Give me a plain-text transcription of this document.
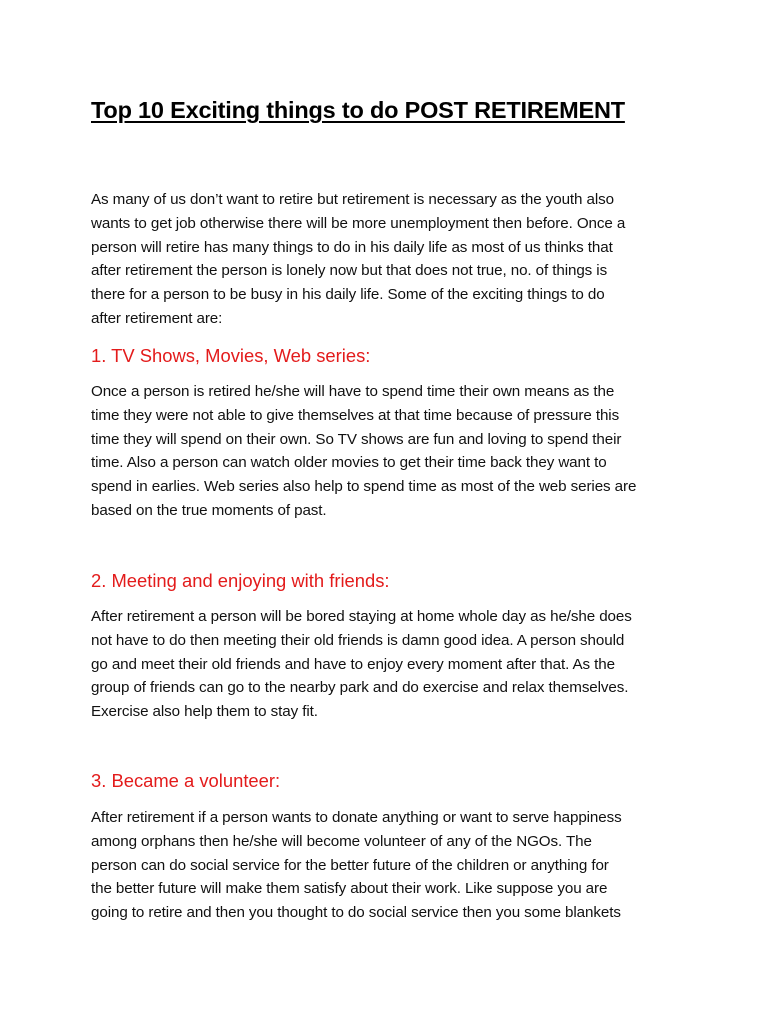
Top 10 Exciting things to do POST RETIREMENT

As many of us don’t want to retire but retirement is necessary as the youth also
wants to get job otherwise there will be more unemployment then before. Once a
person will retire has many things to do in his daily life as most of us thinks that
after retirement the person is lonely now but that does not true, no. of things is
there for a person to be busy in his daily life. Some of the exciting things to do
after retirement are:

1. TV Shows, Movies, Web series:

Once a person is retired he/she will have to spend time their own means as the
time they were not able to give themselves at that time because of pressure this
time they will spend on their own. So TV shows are fun and loving to spend their
time. Also a person can watch older movies to get their time back they want to
spend in earlies. Web series also help to spend time as most of the web series are
based on the true moments of past.

2. Meeting and enjoying with friends:

After retirement a person will be bored staying at home whole day as he/she does
not have to do then meeting their old friends is damn good idea. A person should
go and meet their old friends and have to enjoy every moment after that. As the
group of friends can go to the nearby park and do exercise and relax themselves.
Exercise also help them to stay fit.

3. Became a volunteer:

After retirement if a person wants to donate anything or want to serve happiness
among orphans then he/she will become volunteer of any of the NGOs. The
person can do social service for the better future of the children or anything for
the better future will make them satisfy about their work. Like suppose you are
going to retire and then you thought to do social service then you some blankets
